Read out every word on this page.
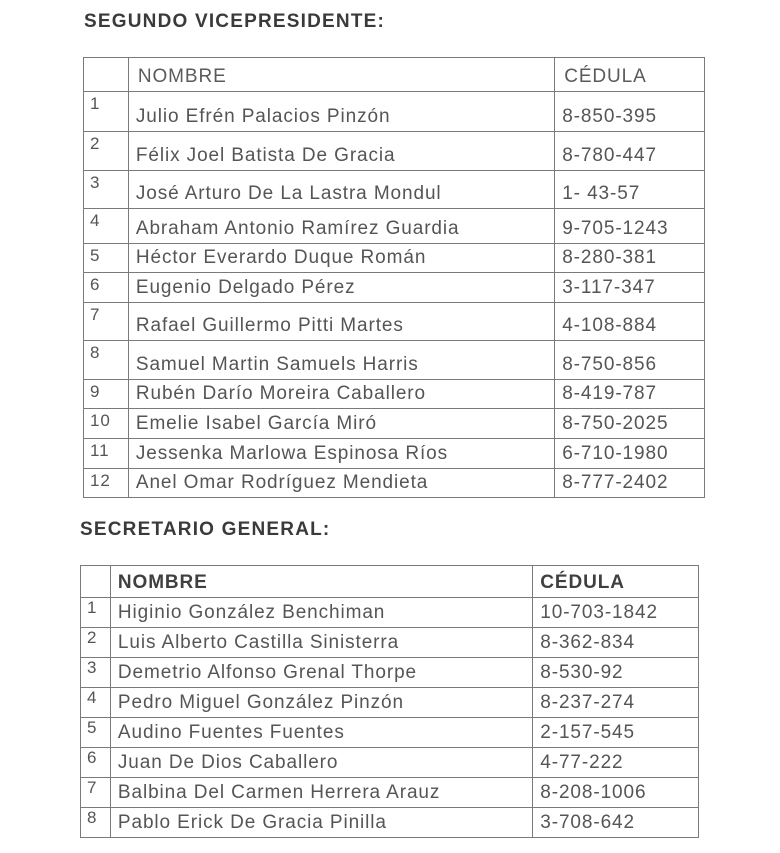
SEGUNDO VICEPRESIDENTE:
	NOMBRE	CÉDULA
1	Julio Efrén Palacios Pinzón	8-850-395
2	Félix Joel Batista De Gracia	8-780-447
3	José Arturo De La Lastra Mondul	1- 43-57
4	Abraham Antonio Ramírez Guardia	9-705-1243
5	Héctor Everardo Duque Román	8-280-381
6	Eugenio Delgado Pérez	3-117-347
7	Rafael Guillermo Pitti Martes	4-108-884
8	Samuel Martin Samuels Harris	8-750-856
9	Rubén Darío Moreira Caballero	8-419-787
10	Emelie Isabel García Miró	8-750-2025
11	Jessenka Marlowa Espinosa Ríos	6-710-1980
12	Anel Omar Rodríguez Mendieta	8-777-2402
SECRETARIO GENERAL:
	NOMBRE	CÉDULA
1	Higinio González Benchiman	10-703-1842
2	Luis Alberto Castilla Sinisterra	8-362-834
3	Demetrio Alfonso Grenal Thorpe	8-530-92
4	Pedro Miguel González Pinzón	8-237-274
5	Audino Fuentes Fuentes	2-157-545
6	Juan De Dios Caballero	4-77-222
7	Balbina Del Carmen Herrera Arauz	8-208-1006
8	Pablo Erick De Gracia Pinilla	3-708-642
